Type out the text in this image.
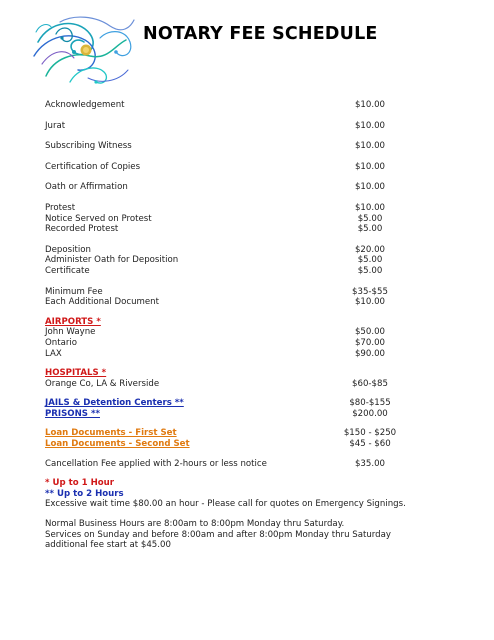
NOTARY FEE SCHEDULE
Acknowledgement	$10.00
Jurat	$10.00
Subscribing Witness	$10.00
Certification of Copies	$10.00
Oath or Affirmation	$10.00
Protest	$10.00
Notice Served on Protest	$5.00
Recorded Protest	$5.00
Deposition	$20.00
Administer Oath for Deposition	$5.00
Certificate	$5.00
Minimum Fee	$35-$55
Each Additional Document	$10.00
AIRPORTS *
John Wayne	$50.00
Ontario	$70.00
LAX	$90.00
HOSPITALS *
Orange Co, LA & Riverside	$60-$85
JAILS & Detention Centers **	$80-$155
PRISONS **	$200.00
Loan Documents - First Set	$150 - $250
Loan Documents - Second Set	$45 - $60
Cancellation Fee applied with 2-hours or less notice	$35.00
* Up to 1 Hour
** Up to 2 Hours
Excessive wait time $80.00 an hour - Please call for quotes on Emergency Signings.
Normal Business Hours are 8:00am to 8:00pm Monday thru Saturday.
Services on Sunday and before 8:00am and after 8:00pm Monday thru Saturday
additional fee start at $45.00
